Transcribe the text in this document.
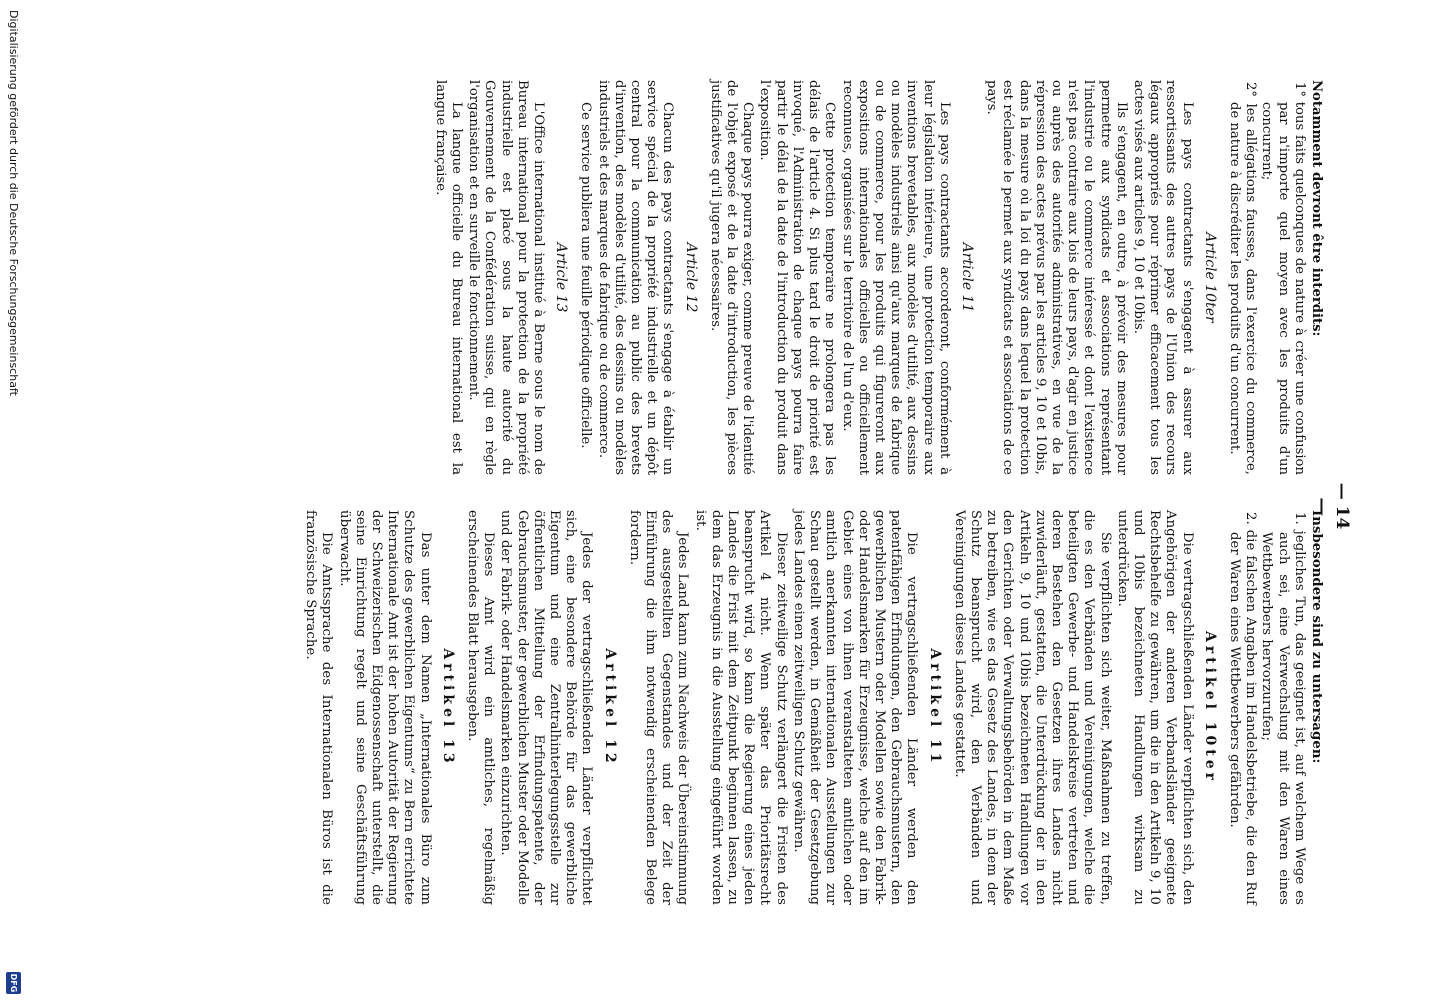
— 14 —

Notamment devront être interdits:

1° tous faits quelconques de nature à créer une confusion par n'importe quel moyen avec les produits d'un concurrent;

2° les allégations fausses, dans l'exercice du commerce, de nature à discréditer les produits d'un concurrent.

Article 10ter

Les pays contractants s'engagent à assurer aux ressortissants des autres pays de l'Union des recours légaux appropriés pour réprimer efficacement tous les actes visés aux articles 9, 10 et 10bis.

Ils s'engagent, en outre, à prévoir des mesures pour permettre aux syndicats et associations représentant l'industrie ou le commerce intéressé et dont l'existence n'est pas contraire aux lois de leurs pays, d'agir en justice ou auprès des autorités administratives, en vue de la répression des actes prévus par les articles 9, 10 et 10bis, dans la mesure où la loi du pays dans lequel la protection est réclamée le permet aux syndicats et associations de ce pays.

Article 11

Les pays contractants accorderont, conformément à leur législation intérieure, une protection temporaire aux inventions brevetables, aux modèles d'utilité, aux dessins ou modèles industriels ainsi qu'aux marques de fabrique ou de commerce, pour les produits qui figureront aux expositions internationales officielles ou officiellement reconnues, organisées sur le territoire de l'un d'eux.

Cette protection temporaire ne prolongera pas les délais de l'article 4. Si plus tard le droit de priorité est invoqué, l'Administration de chaque pays pourra faire partir le délai de la date de l'introduction du produit dans l'exposition.

Chaque pays pourra exiger, comme preuve de l'identité de l'objet exposé et de la date d'introduction, les pièces justificatives qu'il jugera nécessaires.

Article 12

Chacun des pays contractants s'engage à établir un service spécial de la propriété industrielle et un dépôt central pour la communication au public des brevets d'invention, des modèles d'utilité, des dessins ou modèles industriels et des marques de fabrique ou de commerce.

Ce service publiera une feuille périodique officielle.

Article 13

L'Office international institué à Berne sous le nom de Bureau international pour la protection de la propriété industrielle est placé sous la haute autorité du Gouvernement de la Confédération suisse, qui en règle l'organisation et en surveille le fonctionnement.

La langue officielle du Bureau international est la langue française.

Insbesondere sind zu untersagen:

1. jegliches Tun, das geeignet ist, auf welchem Wege es auch sei, eine Verwechslung mit den Waren eines Wettbewerbers hervorzurufen;

2. die falschen Angaben im Handelsbetriebe, die den Ruf der Waren eines Wettbewerbers gefährden.

Artikel 10ter

Die vertragschließenden Länder verpflichten sich, den Angehörigen der anderen Verbandsländer geeignete Rechtsbehelfe zu gewähren, um die in den Artikeln 9, 10 und 10bis bezeichneten Handlungen wirksam zu unterdrücken.

Sie verpflichten sich weiter, Maßnahmen zu treffen, die es den Verbänden und Vereinigungen, welche die beteiligten Gewerbe- und Handelskreise vertreten und deren Bestehen den Gesetzen ihres Landes nicht zuwiderläuft, gestatten, die Unterdrückung der in den Artikeln 9, 10 und 10bis bezeichneten Handlungen vor den Gerichten oder Verwaltungsbehörden in dem Maße zu betreiben, wie es das Gesetz des Landes, in dem der Schutz beansprucht wird, den Verbänden und Vereinigungen dieses Landes gestattet.

Artikel 11

Die vertragschließenden Länder werden den patentfähigen Erfindungen, den Gebrauchsmustern, den gewerblichen Mustern oder Modellen sowie den Fabrik- oder Handelsmarken für Erzeugnisse, welche auf den im Gebiet eines von ihnen veranstalteten amtlichen oder amtlich anerkannten internationalen Ausstellungen zur Schau gestellt werden, in Gemäßheit der Gesetzgebung jedes Landes einen zeitweiligen Schutz gewähren.

Dieser zeitweilige Schutz verlängert die Fristen des Artikel 4 nicht. Wenn später das Prioritätsrecht beansprucht wird, so kann die Regierung eines jeden Landes die Frist mit dem Zeitpunkt beginnen lassen, zu dem das Erzeugnis in die Ausstellung eingeführt worden ist.

Jedes Land kann zum Nachweis der Übereinstimmung des ausgestellten Gegenstandes und der Zeit der Einführung die ihm notwendig erscheinenden Belege fordern.

Artikel 12

Jedes der vertragschließenden Länder verpflichtet sich, eine besondere Behörde für das gewerbliche Eigentum und eine Zentralhinterlegungsstelle zur öffentlichen Mitteilung der Erfindungspatente, der Gebrauchsmuster, der gewerblichen Muster oder Modelle und der Fabrik- oder Handelsmarken einzurichten.

Dieses Amt wird ein amtliches, regelmäßig erscheinendes Blatt herausgeben.

Artikel 13

Das unter dem Namen „Internationales Büro zum Schutze des gewerblichen Eigentums“ zu Bern errichtete Internationale Amt ist der hohen Autorität der Regierung der Schweizerischen Eidgenossenschaft unterstellt, die seine Einrichtung regelt und seine Geschäftsführung überwacht.

Die Amtssprache des Internationalen Büros ist die französische Sprache.

Digitalisierung gefördert durch die Deutsche Forschungsgemeinschaft
DFG
